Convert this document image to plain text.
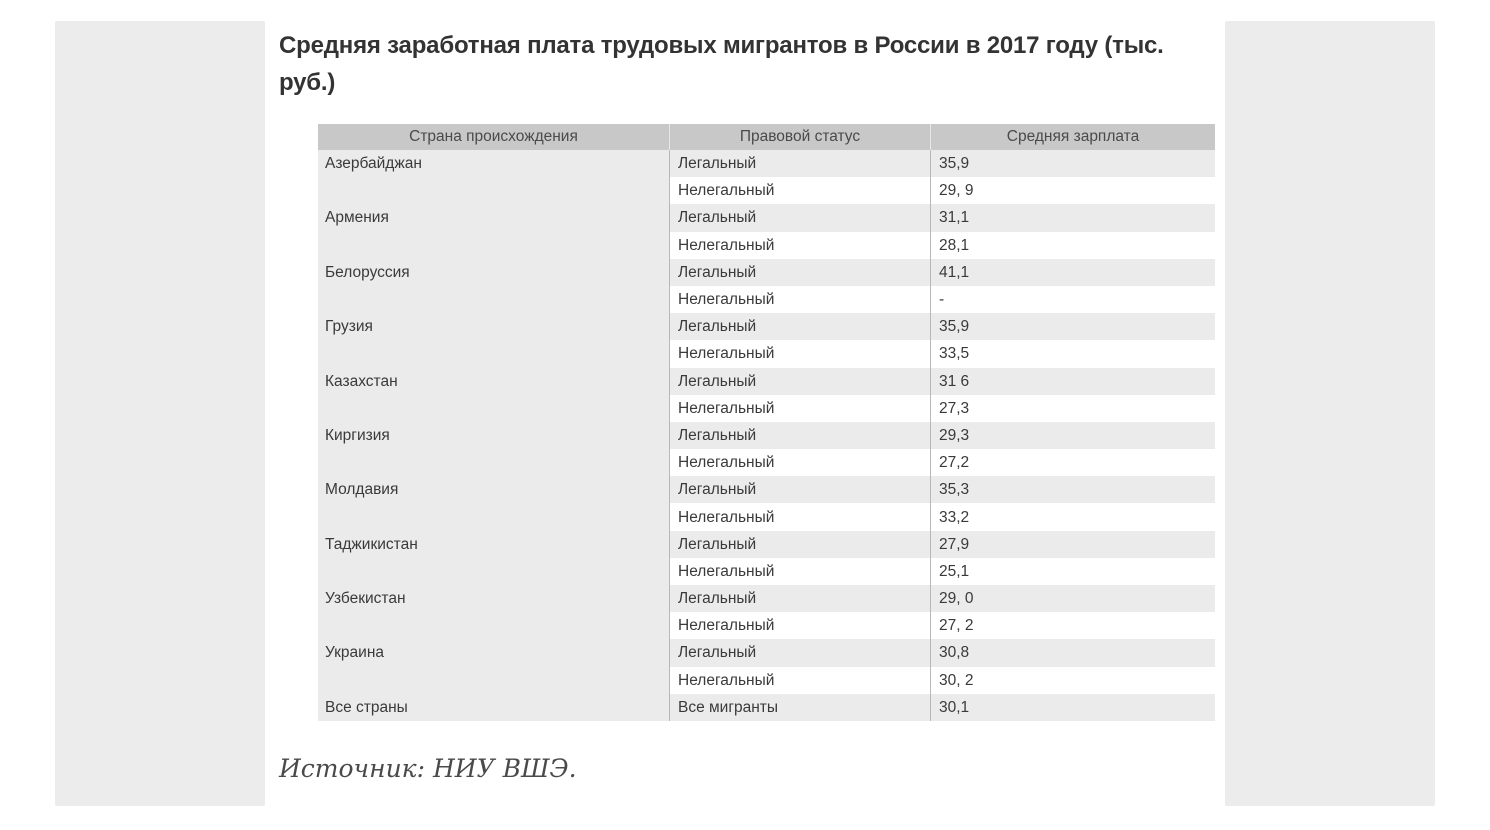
Средняя заработная плата трудовых мигрантов в России в 2017 году (тыс. руб.)
Страна происхождения	Правовой статус	Средняя зарплата
Азербайджан	Легальный	35,9
	Нелегальный	29, 9
Армения	Легальный	31,1
	Нелегальный	28,1
Белоруссия	Легальный	41,1
	Нелегальный	-
Грузия	Легальный	35,9
	Нелегальный	33,5
Казахстан	Легальный	31 6
	Нелегальный	27,3
Киргизия	Легальный	29,3
	Нелегальный	27,2
Молдавия	Легальный	35,3
	Нелегальный	33,2
Таджикистан	Легальный	27,9
	Нелегальный	25,1
Узбекистан	Легальный	29, 0
	Нелегальный	27, 2
Украина	Легальный	30,8
	Нелегальный	30, 2
Все страны	Все мигранты	30,1
Источник: НИУ ВШЭ.
